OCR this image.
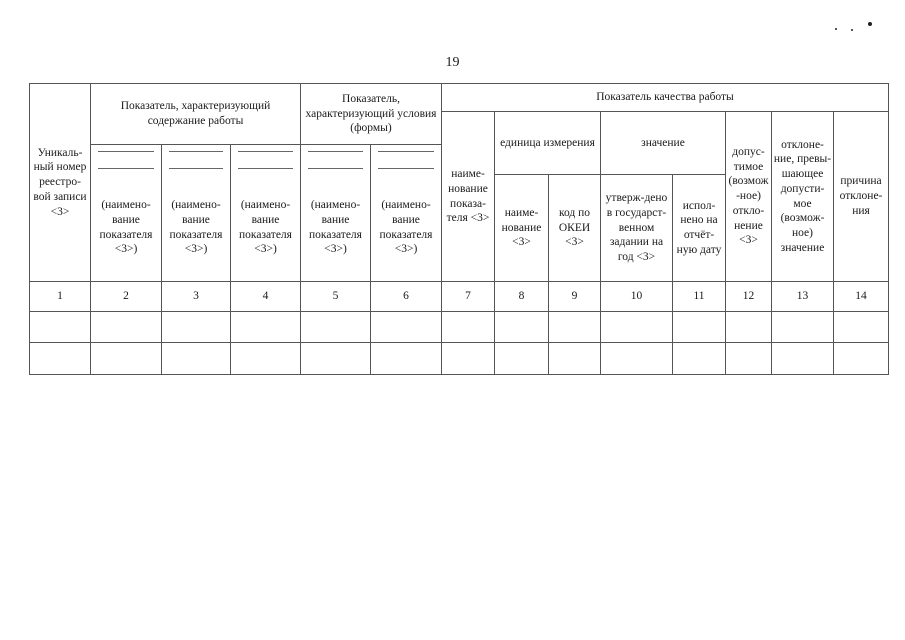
19
Уникаль-ный номер реестро-вой записи <3>	Показатель, характеризующий содержание работы			Показатель, характеризующий условия (формы)		Показатель качества работы							
						наиме-нование показа-теля <3>	единица измерения		значение		допус-тимое (возмож-ное) откло-нение <3>	отклоне-ние, превы-шающее допусти-мое (возмож-ное) значение	причина отклоне-ния

	(наимено-вание показателя <3>)	(наимено-вание показателя <3>)	(наимено-вание показателя <3>)	(наимено-вание показателя <3>)	(наимено-вание показателя <3>)		наиме-нование <3>	код по ОКЕИ <3>	утверж-дено в государст-венном задании на год <3>	испол-нено на отчёт-ную дату			
1	2	3	4	5	6	7	8	9	10	11	12	13	14
